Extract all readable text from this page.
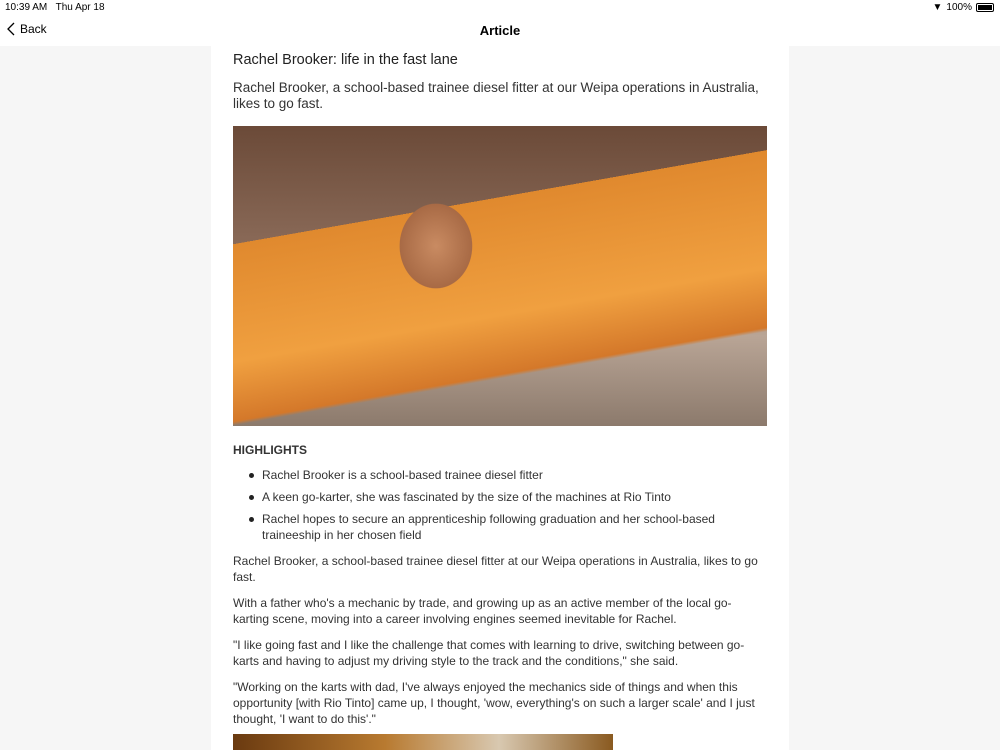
10:39 AM Thu Apr 18	▼ 100%
Back	Article
Rachel Brooker: life in the fast lane
Rachel Brooker, a school-based trainee diesel fitter at our Weipa operations in Australia, likes to go fast.
HIGHLIGHTS
Rachel Brooker is a school-based trainee diesel fitter
A keen go-karter, she was fascinated by the size of the machines at Rio Tinto
Rachel hopes to secure an apprenticeship following graduation and her school-based traineeship in her chosen field

Rachel Brooker, a school-based trainee diesel fitter at our Weipa operations in Australia, likes to go fast.

With a father who's a mechanic by trade, and growing up as an active member of the local go-karting scene, moving into a career involving engines seemed inevitable for Rachel.

"I like going fast and I like the challenge that comes with learning to drive, switching between go-karts and having to adjust my driving style to the track and the conditions," she said.

"Working on the karts with dad, I've always enjoyed the mechanics side of things and when this opportunity [with Rio Tinto] came up, I thought, 'wow, everything's on such a larger scale' and I just thought, 'I want to do this'."
